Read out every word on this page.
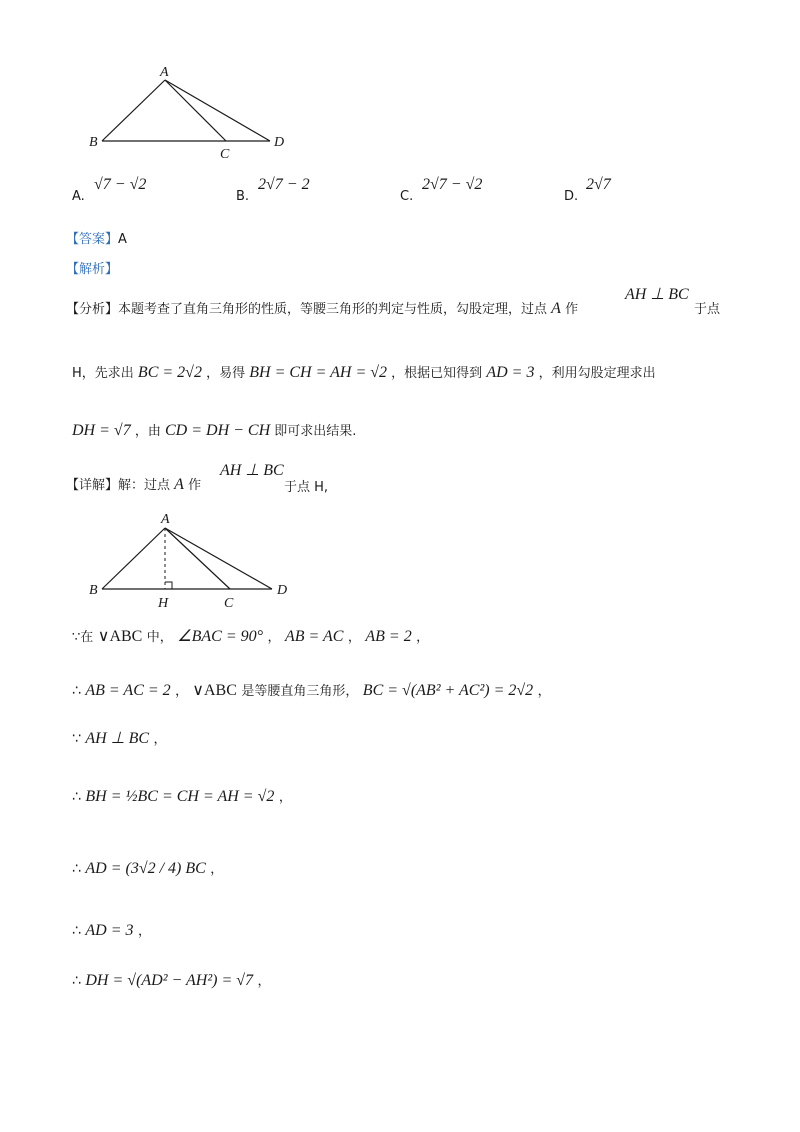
A
B
C
D
A.
√7 − √2
B.
2√7 − 2
C.
2√7 − √2
D.
2√7
【答案】A
【解析】
【分析】本题考查了直角三角形的性质，等腰三角形的判定与性质，勾股定理，过点 A 作
AH ⊥ BC
于点
H，先求出 BC = 2√2 ，易得 BH = CH = AH = √2 ，根据已知得到 AD = 3 ，利用勾股定理求出
DH = √7 ，由 CD = DH − CH 即可求出结果.
【详解】解：过点 A 作
AH ⊥ BC
于点 H,
A
B
H	C
D
∵在 ∨ABC 中， ∠BAC = 90° ， AB = AC ， AB = 2 ，
∴ AB = AC = 2 ， ∨ABC 是等腰直角三角形， BC = √(AB² + AC²) = 2√2 ，
∵ AH ⊥ BC ，
∴ BH = ½BC = CH = AH = √2 ，
∴ AD = (3√2 / 4) BC ，
∴ AD = 3 ，
∴ DH = √(AD² − AH²) = √7 ，
